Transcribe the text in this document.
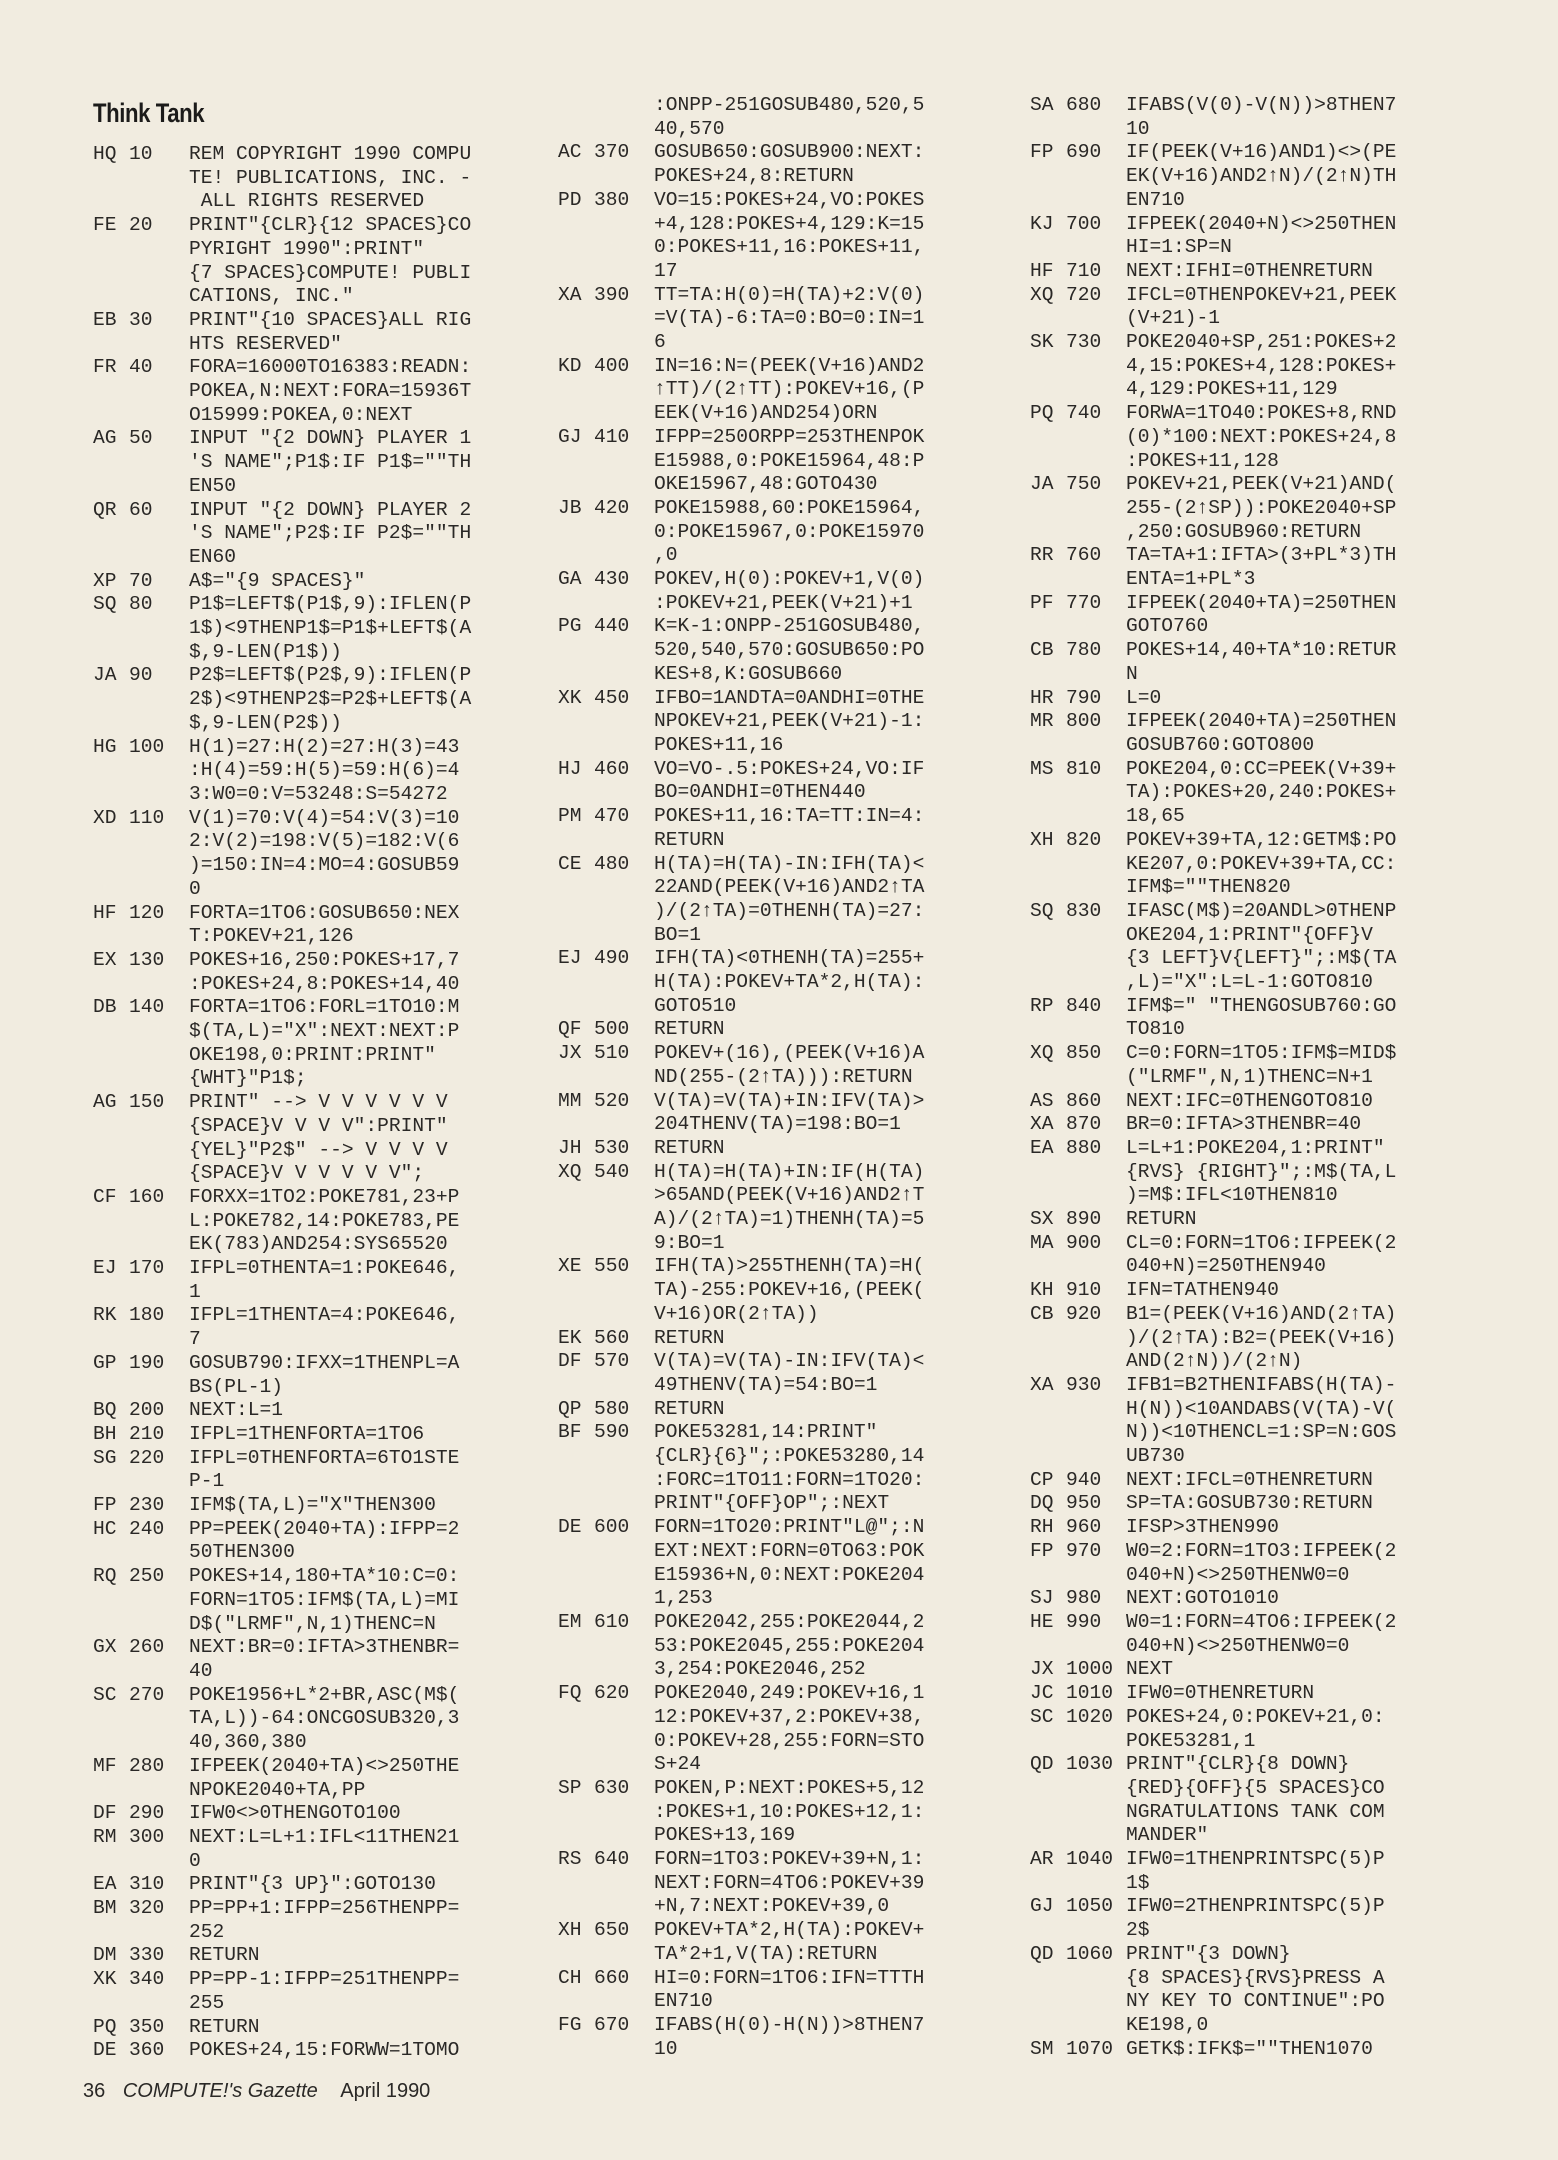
Think Tank
HQ 10 REM COPYRIGHT 1990 COMPU
TE! PUBLICATIONS, INC. -
ALL RIGHTS RESERVED
FE 20 PRINT"{CLR}{12 SPACES}CO
PYRIGHT 1990":PRINT"
{7 SPACES}COMPUTE! PUBLI
CATIONS, INC."
EB 30 PRINT"{10 SPACES}ALL RIG
HTS RESERVED"
FR 40 FORA=16000TO16383:READN:
POKEA,N:NEXT:FORA=15936T
O15999:POKEA,0:NEXT
AG 50 INPUT "{2 DOWN} PLAYER 1
'S NAME";P1$:IF P1$=""TH
EN50
QR 60 INPUT "{2 DOWN} PLAYER 2
'S NAME";P2$:IF P2$=""TH
EN60
XP 70 A$="{9 SPACES}"
SQ 80 P1$=LEFT$(P1$,9):IFLEN(P
1$)<9THENP1$=P1$+LEFT$(A
$,9-LEN(P1$))
JA 90 P2$=LEFT$(P2$,9):IFLEN(P
2$)<9THENP2$=P2$+LEFT$(A
$,9-LEN(P2$))
HG 100 H(1)=27:H(2)=27:H(3)=43
:H(4)=59:H(5)=59:H(6)=4
3:W0=0:V=53248:S=54272
XD 110 V(1)=70:V(4)=54:V(3)=10
2:V(2)=198:V(5)=182:V(6
)=150:IN=4:MO=4:GOSUB59
0
HF 120 FORTA=1TO6:GOSUB650:NEX
T:POKEV+21,126
EX 130 POKES+16,250:POKES+17,7
:POKES+24,8:POKES+14,40
DB 140 FORTA=1TO6:FORL=1TO10:M
$(TA,L)="X":NEXT:NEXT:P
OKE198,0:PRINT:PRINT"
{WHT}"P1$;
AG 150 PRINT" --> V V V V V V
{SPACE}V V V V":PRINT"
{YEL}"P2$" --> V V V V
{SPACE}V V V V V V";
CF 160 FORXX=1TO2:POKE781,23+P
L:POKE782,14:POKE783,PE
EK(783)AND254:SYS65520
EJ 170 IFPL=0THENTA=1:POKE646,
1
RK 180 IFPL=1THENTA=4:POKE646,
7
GP 190 GOSUB790:IFXX=1THENPL=A
BS(PL-1)
BQ 200 NEXT:L=1
BH 210 IFPL=1THENFORTA=1TO6
SG 220 IFPL=0THENFORTA=6TO1STE
P-1
FP 230 IFM$(TA,L)="X"THEN300
HC 240 PP=PEEK(2040+TA):IFPP=2
50THEN300
RQ 250 POKES+14,180+TA*10:C=0:
FORN=1TO5:IFM$(TA,L)=MI
D$("LRMF",N,1)THENC=N
GX 260 NEXT:BR=0:IFTA>3THENBR=
40
SC 270 POKE1956+L*2+BR,ASC(M$(
TA,L))-64:ONCGOSUB320,3
40,360,380
MF 280 IFPEEK(2040+TA)<>250THE
NPOKE2040+TA,PP
DF 290 IFW0<>0THENGOTO100
RM 300 NEXT:L=L+1:IFL<11THEN21
0
EA 310 PRINT"{3 UP}":GOTO130
BM 320 PP=PP+1:IFPP=256THENPP=
252
DM 330 RETURN
XK 340 PP=PP-1:IFPP=251THENPP=
255
PQ 350 RETURN
DE 360 POKES+24,15:FORWW=1TOMO
:ONPP-251GOSUB480,520,5
40,570
AC 370 GOSUB650:GOSUB900:NEXT:
POKES+24,8:RETURN
PD 380 VO=15:POKES+24,VO:POKES
+4,128:POKES+4,129:K=15
0:POKES+11,16:POKES+11,
17
XA 390 TT=TA:H(0)=H(TA)+2:V(0)
=V(TA)-6:TA=0:BO=0:IN=1
6
KD 400 IN=16:N=(PEEK(V+16)AND2
↑TT)/(2↑TT):POKEV+16,(P
EEK(V+16)AND254)ORN
GJ 410 IFPP=250ORPP=253THENPOK
E15988,0:POKE15964,48:P
OKE15967,48:GOTO430
JB 420 POKE15988,60:POKE15964,
0:POKE15967,0:POKE15970
,0
GA 430 POKEV,H(0):POKEV+1,V(0)
:POKEV+21,PEEK(V+21)+1
PG 440 K=K-1:ONPP-251GOSUB480,
520,540,570:GOSUB650:PO
KES+8,K:GOSUB660
XK 450 IFBO=1ANDTA=0ANDHI=0THE
NPOKEV+21,PEEK(V+21)-1:
POKES+11,16
HJ 460 VO=VO-.5:POKES+24,VO:IF
BO=0ANDHI=0THEN440
PM 470 POKES+11,16:TA=TT:IN=4:
RETURN
CE 480 H(TA)=H(TA)-IN:IFH(TA)<
22AND(PEEK(V+16)AND2↑TA
)/(2↑TA)=0THENH(TA)=27:
BO=1
EJ 490 IFH(TA)<0THENH(TA)=255+
H(TA):POKEV+TA*2,H(TA):
GOTO510
QF 500 RETURN
JX 510 POKEV+(16),(PEEK(V+16)A
ND(255-(2↑TA))):RETURN
MM 520 V(TA)=V(TA)+IN:IFV(TA)>
204THENV(TA)=198:BO=1
JH 530 RETURN
XQ 540 H(TA)=H(TA)+IN:IF(H(TA)
>65AND(PEEK(V+16)AND2↑T
A)/(2↑TA)=1)THENH(TA)=5
9:BO=1
XE 550 IFH(TA)>255THENH(TA)=H(
TA)-255:POKEV+16,(PEEK(
V+16)OR(2↑TA))
EK 560 RETURN
DF 570 V(TA)=V(TA)-IN:IFV(TA)<
49THENV(TA)=54:BO=1
QP 580 RETURN
BF 590 POKE53281,14:PRINT"
{CLR}{6}";:POKE53280,14
:FORC=1TO11:FORN=1TO20:
PRINT"{OFF}OP";:NEXT
DE 600 FORN=1TO20:PRINT"L@";:N
EXT:NEXT:FORN=0TO63:POK
E15936+N,0:NEXT:POKE204
1,253
EM 610 POKE2042,255:POKE2044,2
53:POKE2045,255:POKE204
3,254:POKE2046,252
FQ 620 POKE2040,249:POKEV+16,1
12:POKEV+37,2:POKEV+38,
0:POKEV+28,255:FORN=STO
S+24
SP 630 POKEN,P:NEXT:POKES+5,12
:POKES+1,10:POKES+12,1:
POKES+13,169
RS 640 FORN=1TO3:POKEV+39+N,1:
NEXT:FORN=4TO6:POKEV+39
+N,7:NEXT:POKEV+39,0
XH 650 POKEV+TA*2,H(TA):POKEV+
TA*2+1,V(TA):RETURN
CH 660 HI=0:FORN=1TO6:IFN=TTTH
EN710
FG 670 IFABS(H(0)-H(N))>8THEN7
10
SA 680 IFABS(V(0)-V(N))>8THEN7
10
FP 690 IF(PEEK(V+16)AND1)<>(PE
EK(V+16)AND2↑N)/(2↑N)TH
EN710
KJ 700 IFPEEK(2040+N)<>250THEN
HI=1:SP=N
HF 710 NEXT:IFHI=0THENRETURN
XQ 720 IFCL=0THENPOKEV+21,PEEK
(V+21)-1
SK 730 POKE2040+SP,251:POKES+2
4,15:POKES+4,128:POKES+
4,129:POKES+11,129
PQ 740 FORWA=1TO40:POKES+8,RND
(0)*100:NEXT:POKES+24,8
:POKES+11,128
JA 750 POKEV+21,PEEK(V+21)AND(
255-(2↑SP)):POKE2040+SP
,250:GOSUB960:RETURN
RR 760 TA=TA+1:IFTA>(3+PL*3)TH
ENTA=1+PL*3
PF 770 IFPEEK(2040+TA)=250THEN
GOTO760
CB 780 POKES+14,40+TA*10:RETUR
N
HR 790 L=0
MR 800 IFPEEK(2040+TA)=250THEN
GOSUB760:GOTO800
MS 810 POKE204,0:CC=PEEK(V+39+
TA):POKES+20,240:POKES+
18,65
XH 820 POKEV+39+TA,12:GETM$:PO
KE207,0:POKEV+39+TA,CC:
IFM$=""THEN820
SQ 830 IFASC(M$)=20ANDL>0THENP
OKE204,1:PRINT"{OFF}V
{3 LEFT}V{LEFT}";:M$(TA
,L)="X":L=L-1:GOTO810
RP 840 IFM$=" "THENGOSUB760:GO
TO810
XQ 850 C=0:FORN=1TO5:IFM$=MID$
("LRMF",N,1)THENC=N+1
AS 860 NEXT:IFC=0THENGOTO810
XA 870 BR=0:IFTA>3THENBR=40
EA 880 L=L+1:POKE204,1:PRINT"
{RVS} {RIGHT}";:M$(TA,L
)=M$:IFL<10THEN810
SX 890 RETURN
MA 900 CL=0:FORN=1TO6:IFPEEK(2
040+N)=250THEN940
KH 910 IFN=TATHEN940
CB 920 B1=(PEEK(V+16)AND(2↑TA)
)/(2↑TA):B2=(PEEK(V+16)
AND(2↑N))/(2↑N)
XA 930 IFB1=B2THENIFABS(H(TA)-
H(N))<10ANDABS(V(TA)-V(
N))<10THENCL=1:SP=N:GOS
UB730
CP 940 NEXT:IFCL=0THENRETURN
DQ 950 SP=TA:GOSUB730:RETURN
RH 960 IFSP>3THEN990
FP 970 W0=2:FORN=1TO3:IFPEEK(2
040+N)<>250THENW0=0
SJ 980 NEXT:GOTO1010
HE 990 W0=1:FORN=4TO6:IFPEEK(2
040+N)<>250THENW0=0
JX 1000 NEXT
JC 1010 IFW0=0THENRETURN
SC 1020 POKES+24,0:POKEV+21,0:
POKE53281,1
QD 1030 PRINT"{CLR}{8 DOWN}
{RED}{OFF}{5 SPACES}CO
NGRATULATIONS TANK COM
MANDER"
AR 1040 IFW0=1THENPRINTSPC(5)P
1$
GJ 1050 IFW0=2THENPRINTSPC(5)P
2$
QD 1060 PRINT"{3 DOWN}
{8 SPACES}{RVS}PRESS A
NY KEY TO CONTINUE":PO
KE198,0
SM 1070 GETK$:IFK$=""THEN1070
36 COMPUTE!'s Gazette April 1990
